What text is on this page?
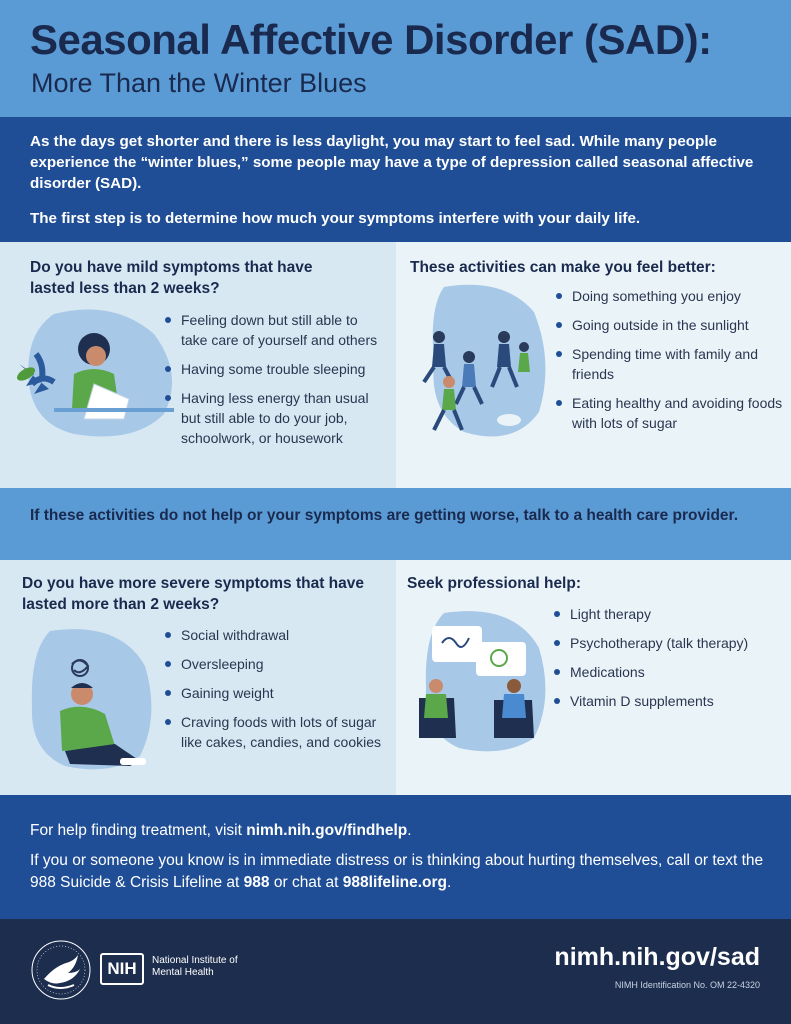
Seasonal Affective Disorder (SAD):
More Than the Winter Blues

As the days get shorter and there is less daylight, you may start to feel sad. While many people experience the “winter blues,” some people may have a type of depression called seasonal affective disorder (SAD).

The first step is to determine how much your symptoms interfere with your daily life.

Do you have mild symptoms that have lasted less than 2 weeks?
Feeling down but still able to take care of yourself and others
Having some trouble sleeping
Having less energy than usual but still able to do your job, schoolwork, or housework
These activities can make you feel better:
Doing something you enjoy
Going outside in the sunlight
Spending time with family and friends
Eating healthy and avoiding foods with lots of sugar
If these activities do not help or your symptoms are getting worse, talk to a health care provider.
Do you have more severe symptoms that have lasted more than 2 weeks?
Social withdrawal
Oversleeping
Gaining weight
Craving foods with lots of sugar like cakes, candies, and cookies
Seek professional help:
Light therapy
Psychotherapy (talk therapy)
Medications
Vitamin D supplements

For help finding treatment, visit nimh.nih.gov/findhelp.

If you or someone you know is in immediate distress or is thinking about hurting themselves, call or text the 988 Suicide & Crisis Lifeline at 988 or chat at 988lifeline.org.

NIH	National Institute of Mental Health
nimh.nih.gov/sad
NIMH Identification No. OM 22-4320
